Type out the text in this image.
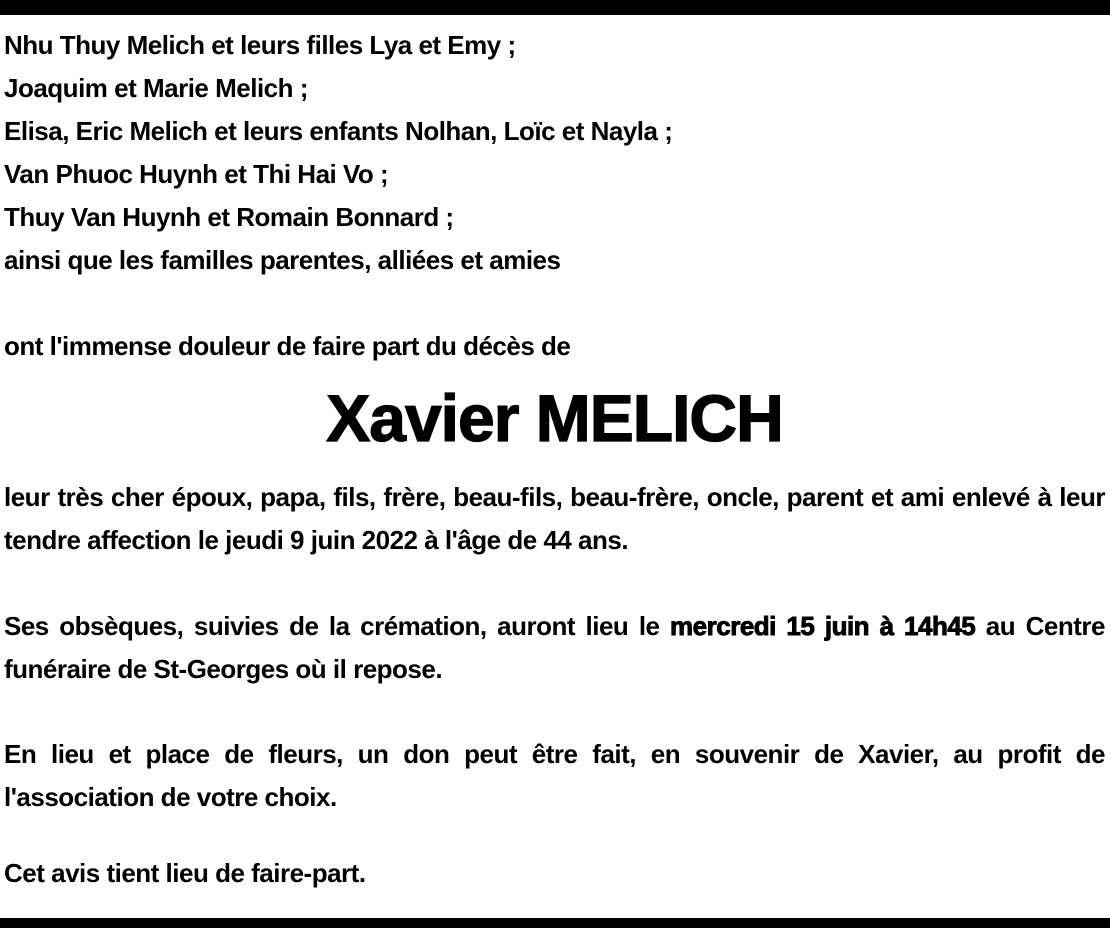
Nhu Thuy Melich et leurs filles Lya et Emy ;

Joaquim et Marie Melich ;

Elisa, Eric Melich et leurs enfants Nolhan, Loïc et Nayla ;

Van Phuoc Huynh et Thi Hai Vo ;

Thuy Van Huynh et Romain Bonnard ;

ainsi que les familles parentes, alliées et amies

ont l'immense douleur de faire part du décès de

Xavier MELICH

leur très cher époux, papa, fils, frère, beau-fils, beau-frère, oncle, parent et ami enlevé à leur tendre affection le jeudi 9 juin 2022 à l'âge de 44 ans.

Ses obsèques, suivies de la crémation, auront lieu le mercredi 15 juin à 14h45 au Centre funéraire de St-Georges où il repose.

En lieu et place de fleurs, un don peut être fait, en souvenir de Xavier, au profit de l'association de votre choix.

Cet avis tient lieu de faire-part.
